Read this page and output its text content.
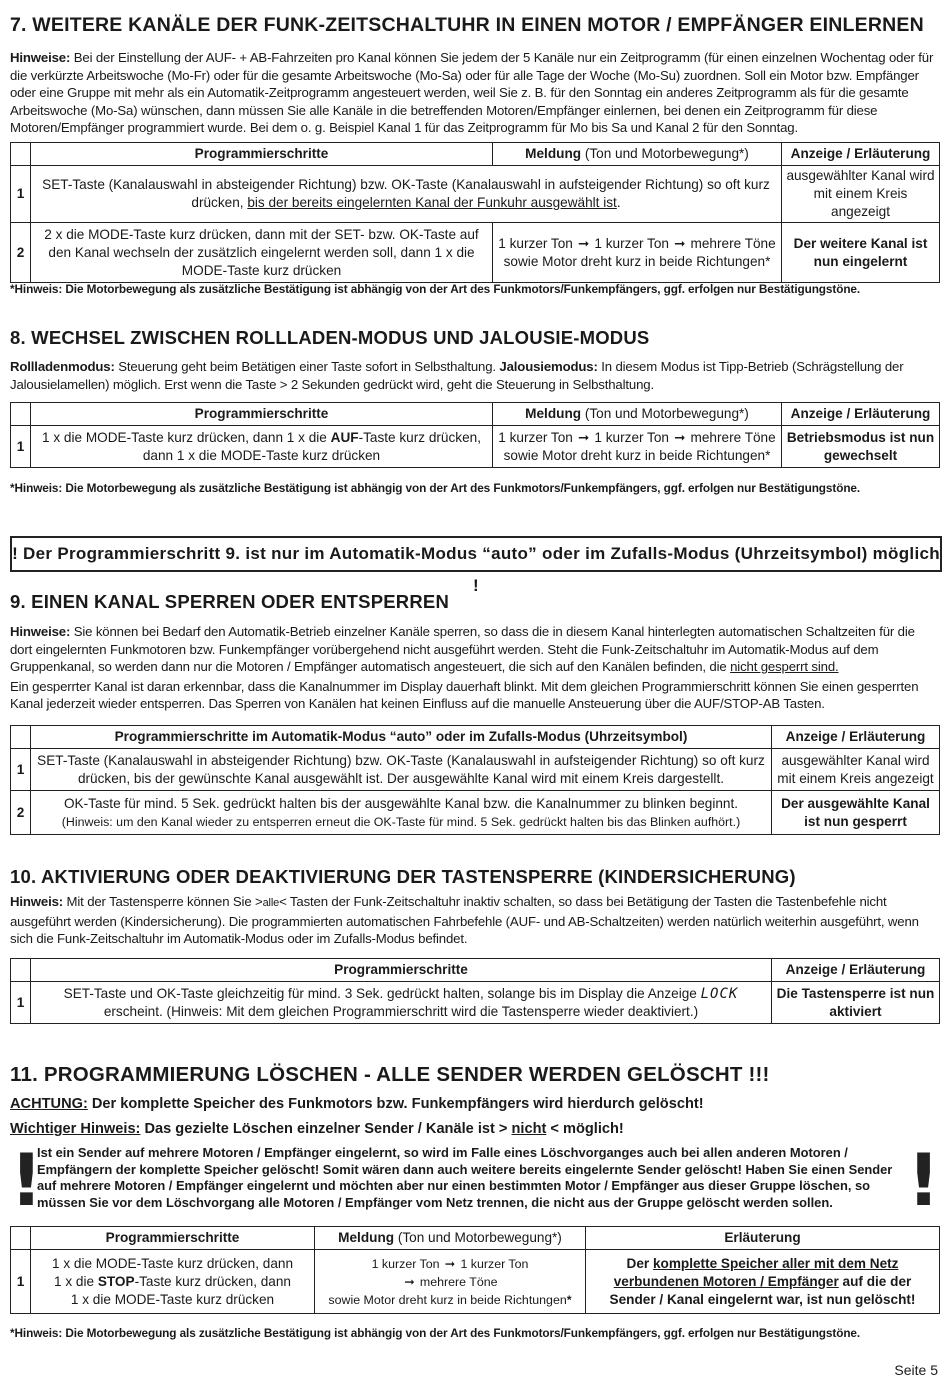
7. WEITERE KANÄLE DER FUNK-ZEITSCHALTUHR IN EINEN MOTOR / EMPFÄNGER EINLERNEN

Hinweise: Bei der Einstellung der AUF- + AB-Fahrzeiten pro Kanal können Sie jedem der 5 Kanäle nur ein Zeitprogramm (für einen einzelnen Wochentag oder für die verkürzte Arbeitswoche (Mo-Fr) oder für die gesamte Arbeitswoche (Mo-Sa) oder für alle Tage der Woche (Mo-Su) zuordnen. Soll ein Motor bzw. Empfänger oder eine Gruppe mit mehr als ein Automatik-Zeitprogramm angesteuert werden, weil Sie z. B. für den Sonntag ein anderes Zeitprogramm als für die gesamte Arbeitswoche (Mo-Sa) wünschen, dann müssen Sie alle Kanäle in die betreffenden Motoren/Empfänger einlernen, bei denen ein Zeitprogramm für diese Motoren/Empfänger programmiert wurde. Bei dem o. g. Beispiel Kanal 1 für das Zeitprogramm für Mo bis Sa und Kanal 2 für den Sonntag.

	Programmierschritte	Meldung (Ton und Motorbewegung*)	Anzeige / Erläuterung
1	SET-Taste (Kanalauswahl in absteigender Richtung) bzw. OK-Taste (Kanalauswahl in aufsteigender Richtung) so oft kurz drücken, bis der bereits eingelernten Kanal der Funkuhr ausgewählt ist.		ausgewählter Kanal wird mit einem Kreis angezeigt
2	2 x die MODE-Taste kurz drücken, dann mit der SET- bzw. OK-Taste auf den Kanal wechseln der zusätzlich eingelernt werden soll, dann 1 x die MODE-Taste kurz drücken	1 kurzer Ton ➞ 1 kurzer Ton ➞ mehrere Töne
sowie Motor dreht kurz in beide Richtungen*	Der weitere Kanal ist nun eingelernt
*Hinweis: Die Motorbewegung als zusätzliche Bestätigung ist abhängig von der Art des Funkmotors/Funkempfängers, ggf. erfolgen nur Bestätigungstöne.
8. WECHSEL ZWISCHEN ROLLLADEN-MODUS UND JALOUSIE-MODUS

Rollladenmodus: Steuerung geht beim Betätigen einer Taste sofort in Selbsthaltung. Jalousiemodus: In diesem Modus ist Tipp-Betrieb (Schrägstellung der Jalousielamellen) möglich. Erst wenn die Taste > 2 Sekunden gedrückt wird, geht die Steuerung in Selbsthaltung.

	Programmierschritte	Meldung (Ton und Motorbewegung*)	Anzeige / Erläuterung
1	1 x die MODE-Taste kurz drücken, dann 1 x die AUF-Taste kurz drücken, dann 1 x die MODE-Taste kurz drücken	1 kurzer Ton ➞ 1 kurzer Ton ➞ mehrere Töne
sowie Motor dreht kurz in beide Richtungen*	Betriebsmodus ist nun gewechselt
*Hinweis: Die Motorbewegung als zusätzliche Bestätigung ist abhängig von der Art des Funkmotors/Funkempfängers, ggf. erfolgen nur Bestätigungstöne.
! Der Programmierschritt 9. ist nur im Automatik-Modus “auto” oder im Zufalls-Modus (Uhrzeitsymbol) möglich !
9. EINEN KANAL SPERREN ODER ENTSPERREN

Hinweise: Sie können bei Bedarf den Automatik-Betrieb einzelner Kanäle sperren, so dass die in diesem Kanal hinterlegten automatischen Schaltzeiten für die dort eingelernten Funkmotoren bzw. Funkempfänger vorübergehend nicht ausgeführt werden. Steht die Funk-Zeitschaltuhr im Automatik-Modus auf dem Gruppenkanal, so werden dann nur die Motoren / Empfänger automatisch angesteuert, die sich auf den Kanälen befinden, die nicht gesperrt sind.

Ein gesperrter Kanal ist daran erkennbar, dass die Kanalnummer im Display dauerhaft blinkt. Mit dem gleichen Programmierschritt können Sie einen gesperrten Kanal jederzeit wieder entsperren. Das Sperren von Kanälen hat keinen Einfluss auf die manuelle Ansteuerung über die AUF/STOP-AB Tasten.

	Programmierschritte im Automatik-Modus “auto” oder im Zufalls-Modus (Uhrzeitsymbol)	Anzeige / Erläuterung
1	SET-Taste (Kanalauswahl in absteigender Richtung) bzw. OK-Taste (Kanalauswahl in aufsteigender Richtung) so oft kurz drücken, bis der gewünschte Kanal ausgewählt ist. Der ausgewählte Kanal wird mit einem Kreis dargestellt.	ausgewählter Kanal wird mit einem Kreis angezeigt
2	OK-Taste für mind. 5 Sek. gedrückt halten bis der ausgewählte Kanal bzw. die Kanalnummer zu blinken beginnt.
(Hinweis: um den Kanal wieder zu entsperren erneut die OK-Taste für mind. 5 Sek. gedrückt halten bis das Blinken aufhört.)	Der ausgewählte Kanal ist nun gesperrt
10. AKTIVIERUNG ODER DEAKTIVIERUNG DER TASTENSPERRE (KINDERSICHERUNG)

Hinweis: Mit der Tastensperre können Sie >alle< Tasten der Funk-Zeitschaltuhr inaktiv schalten, so dass bei Betätigung der Tasten die Tastenbefehle nicht ausgeführt werden (Kindersicherung). Die programmierten automatischen Fahrbefehle (AUF- und AB-Schaltzeiten) werden natürlich weiterhin ausgeführt, wenn sich die Funk-Zeitschaltuhr im Automatik-Modus oder im Zufalls-Modus befindet.

	Programmierschritte	Anzeige / Erläuterung
1	SET-Taste und OK-Taste gleichzeitig für mind. 3 Sek. gedrückt halten, solange bis im Display die Anzeige LOCK
erscheint. (Hinweis: Mit dem gleichen Programmierschritt wird die Tastensperre wieder deaktiviert.)	Die Tastensperre ist nun aktiviert
11. PROGRAMMIERUNG LÖSCHEN - ALLE SENDER WERDEN GELÖSCHT !!!
ACHTUNG: Der komplette Speicher des Funkmotors bzw. Funkempfängers wird hierdurch gelöscht!
Wichtiger Hinweis: Das gezielte Löschen einzelner Sender / Kanäle ist > nicht < möglich!
!
Ist ein Sender auf mehrere Motoren / Empfänger eingelernt, so wird im Falle eines Löschvorganges auch bei allen anderen Motoren / Empfängern der komplette Speicher gelöscht! Somit wären dann auch weitere bereits eingelernte Sender gelöscht! Haben Sie einen Sender auf mehrere Motoren / Empfänger eingelernt und möchten aber nur einen bestimmten Motor / Empfänger aus dieser Gruppe löschen, so müssen Sie vor dem Löschvorgang alle Motoren / Empfänger vom Netz trennen, die nicht aus der Gruppe gelöscht werden sollen.	!
	Programmierschritte	Meldung (Ton und Motorbewegung*)	Erläuterung
1	1 x die MODE-Taste kurz drücken, dann
1 x die STOP-Taste kurz drücken, dann
1 x die MODE-Taste kurz drücken	1 kurzer Ton ➞ 1 kurzer Ton
➞ mehrere Töne
sowie Motor dreht kurz in beide Richtungen*	Der komplette Speicher aller mit dem Netz
verbundenen Motoren / Empfänger auf die der Sender / Kanal eingelernt war, ist nun gelöscht!
*Hinweis: Die Motorbewegung als zusätzliche Bestätigung ist abhängig von der Art des Funkmotors/Funkempfängers, ggf. erfolgen nur Bestätigungstöne.
Seite 5
